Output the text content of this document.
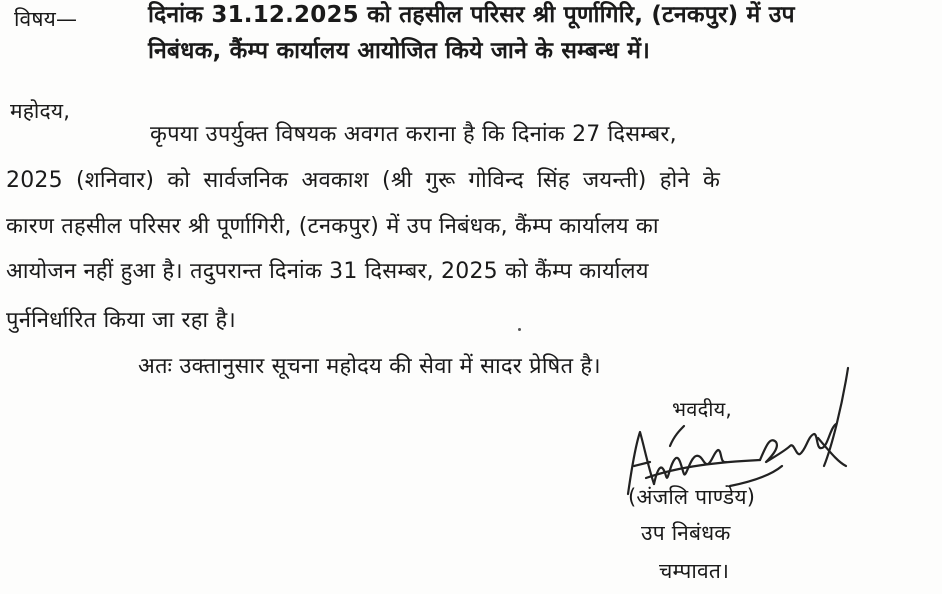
विषय—	दिनांक 31.12.2025 को तहसील परिसर श्री पूर्णागिरि, (टनकपुर) में उप
निबंधक, कैंम्प कार्यालय आयोजित किये जाने के सम्बन्ध में।
महोदय,
कृपया उपर्युक्त विषयक अवगत कराना है कि दिनांक 27 दिसम्बर,
2025 (शनिवार) को सार्वजनिक अवकाश (श्री गुरू गोविन्द सिंह जयन्ती) होने के
कारण तहसील परिसर श्री पूर्णागिरी, (टनकपुर) में उप निबंधक, कैंम्प कार्यालय का
आयोजन नहीं हुआ है। तदुपरान्त दिनांक 31 दिसम्बर, 2025 को कैंम्प कार्यालय
पुर्ननिर्धारित किया जा रहा है।
अतः उक्तानुसार सूचना महोदय की सेवा में सादर प्रेषित है।
भवदीय,
(अंजलि पाण्डेय)
उप निबंधक
चम्पावत।
